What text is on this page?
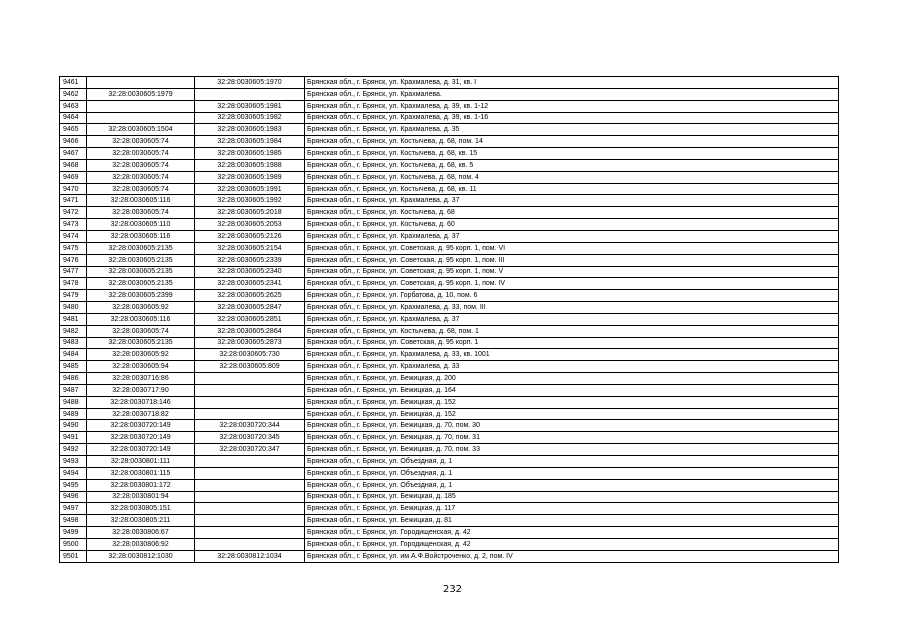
9461		32:28:0030605:1970	Брянская обл., г. Брянск, ул. Крахмалева, д. 31, кв. I
9462	32:28:0030605:1979		Брянская обл., г. Брянск, ул. Крахмалева.
9463		32:28:0030605:1981	Брянская обл., г. Брянск, ул. Крахмалева, д. 39, кв. 1-12
9464		32:28:0030605:1982	Брянская обл., г. Брянск, ул. Крахмалева, д. 39, кв. 1-16
9465	32:28:0030605:1504	32:28:0030605:1983	Брянская обл., г. Брянск, ул. Крахмалева, д. 35
9466	32:28:0030605:74	32:28:0030605:1984	Брянская обл., г. Брянск, ул. Костычева, д. 68, пом. 14
9467	32:28:0030605:74	32:28:0030605:1985	Брянская обл., г. Брянск, ул. Костычева, д. 68, кв. 15
9468	32:28:0030605:74	32:28:0030605:1988	Брянская обл., г. Брянск, ул. Костычева, д. 68, кв. 5
9469	32:28:0030605:74	32:28:0030605:1989	Брянская обл., г. Брянск, ул. Костычева, д. 68, пом. 4
9470	32:28:0030605:74	32:28:0030605:1991	Брянская обл., г. Брянск, ул. Костычева, д. 68, кв. 11
9471	32:28:0030605:116	32:28:0030605:1992	Брянская обл., г. Брянск, ул. Крахмалева, д. 37
9472	32:28:0030605:74	32:28:0030605:2018	Брянская обл., г. Брянск, ул. Костычева, д. 68
9473	32:28:0030605:110	32:28:0030605:2053	Брянская обл., г. Брянск, ул. Костычева, д. 60
9474	32:28:0030605:116	32:28:0030605:2126	Брянская обл., г. Брянск, ул. Крахмалева, д. 37
9475	32:28:0030605:2135	32:28:0030605:2154	Брянская обл., г. Брянск, ул. Советская, д. 95 корп. 1, пом. VI
9476	32:28:0030605:2135	32:28:0030605:2339	Брянская обл., г. Брянск, ул. Советская, д. 95 корп. 1, пом. III
9477	32:28:0030605:2135	32:28:0030605:2340	Брянская обл., г. Брянск, ул. Советская, д. 95 корп. 1, пом. V
9478	32:28:0030605:2135	32:28:0030605:2341	Брянская обл., г. Брянск, ул. Советская, д. 95 корп. 1, пом. IV
9479	32:28:0030605:2399	32:28:0030605:2625	Брянская обл., г. Брянск, ул. Горбатова, д. 10, пом. 6
9480	32:28:0030605:92	32:28:0030605:2847	Брянская обл., г. Брянск, ул. Крахмалева, д. 33, пом. III
9481	32:28:0030605:116	32:28:0030605:2851	Брянская обл., г. Брянск, ул. Крахмалева, д. 37
9482	32:28:0030605:74	32:28:0030605:2864	Брянская обл., г. Брянск, ул. Костычева, д. 68, пом. 1
9483	32:28:0030605:2135	32:28:0030605:2873	Брянская обл., г. Брянск, ул. Советская, д. 95 корп. 1
9484	32:28:0030605:92	32:28:0030605:730	Брянская обл., г. Брянск, ул. Крахмалева, д. 33, кв. 1001
9485	32:28:0030605:94	32:28:0030605:809	Брянская обл., г. Брянск, ул. Крахмалева, д. 33
9486	32:28:0030716:86		Брянская обл., г. Брянск, ул. Бежицкая, д. 200
9487	32:28:0030717:90		Брянская обл., г. Брянск, ул. Бежицкая, д. 164
9488	32:28:0030718:146		Брянская обл., г. Брянск, ул. Бежицкая, д. 152
9489	32:28:0030718:82		Брянская обл., г. Брянск, ул. Бежицкая, д. 152
9490	32:28:0030720:149	32:28:0030720:344	Брянская обл., г. Брянск, ул. Бежицкая, д. 70, пом. 30
9491	32:28:0030720:149	32:28:0030720:345	Брянская обл., г. Брянск, ул. Бежицкая, д. 70, пом. 31
9492	32:28:0030720:149	32:28:0030720:347	Брянская обл., г. Брянск, ул. Бежицкая, д. 70, пом. 33
9493	32:28:0030801:111		Брянская обл., г. Брянск, ул. Объездная, д. 1
9494	32:28:0030801:115		Брянская обл., г. Брянск, ул. Объездная, д. 1
9495	32:28:0030801:172		Брянская обл., г. Брянск, ул. Объездная, д. 1
9496	32:28:0030801:94		Брянская обл., г. Брянск, ул. Бежицкая, д. 185
9497	32:28:0030805:151		Брянская обл., г. Брянск, ул. Бежицкая, д. 117
9498	32:28:0030805:211		Брянская обл., г. Брянск, ул. Бежицкая, д. 81
9499	32:28:0030806:67		Брянская обл., г. Брянск, ул. Городищенская, д. 42
9500	32:28:0030806:92		Брянская обл., г. Брянск, ул. Городищенская, д. 42
9501	32:28:0030812:1030	32:28:0030812:1034	Брянская обл., г. Брянск, ул. им А.Ф.Войстроченко, д. 2, пом. IV
232
